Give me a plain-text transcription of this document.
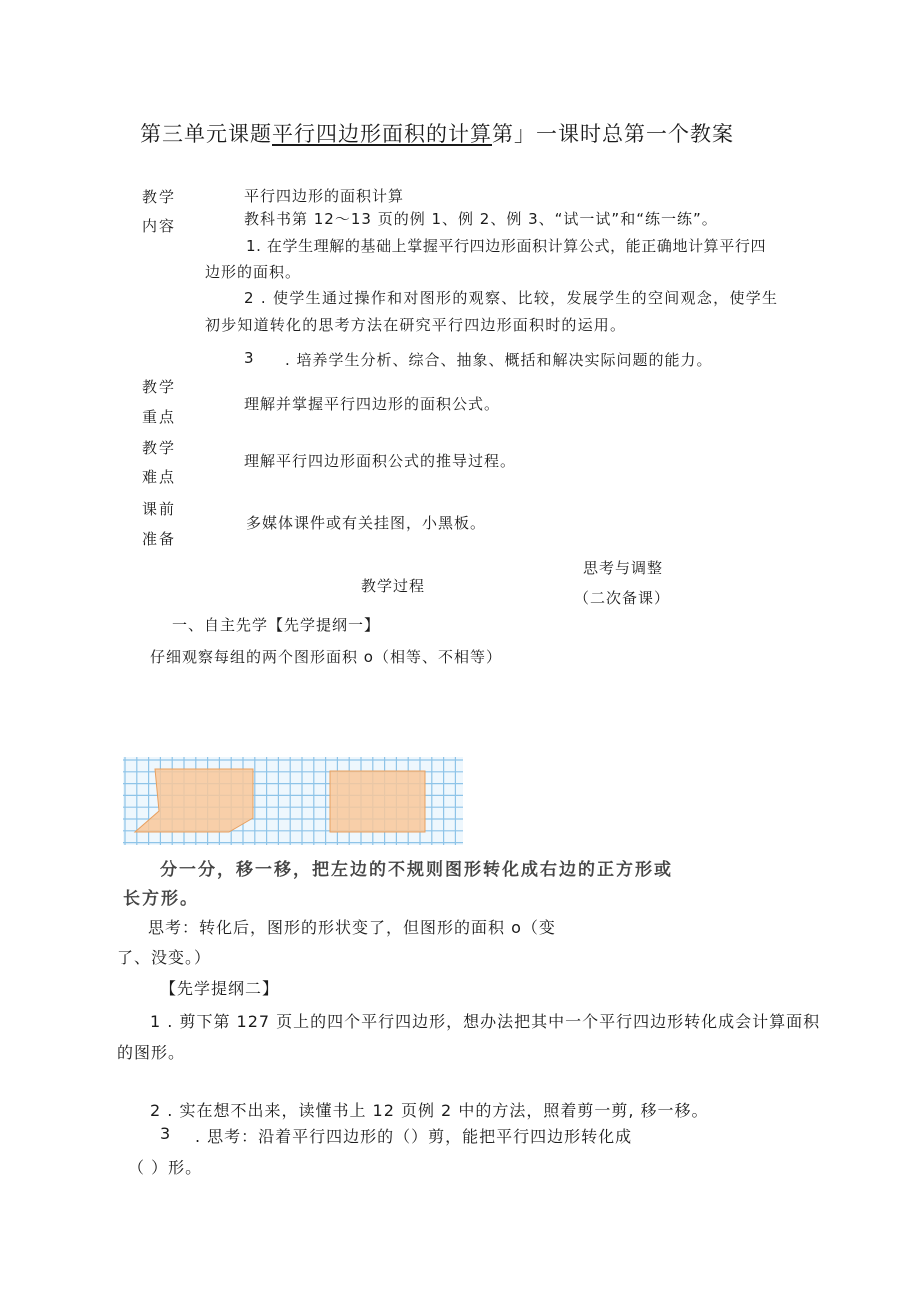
第三单元课题平行四边形面积的计算第」一课时总第一个教案
教学
内容
平行四边形的面积计算
教科书第 12～13 页的例 1、例 2、例 3、“试一试”和“练一练”。
1. 在学生理解的基础上掌握平行四边形面积计算公式，能正确地计算平行四
边形的面积。
2 . 使学生通过操作和对图形的观察、比较，发展学生的空间观念，使学生
初步知道转化的思考方法在研究平行四边形面积时的运用。
3 . 培养学生分析、综合、抽象、概括和解决实际问题的能力。
教学
重点
理解并掌握平行四边形的面积公式。
教学
难点
理解平行四边形面积公式的推导过程。
课前
准备
多媒体课件或有关挂图，小黑板。
教学过程
思考与调整
（二次备课）
一、自主先学【先学提纲一】
仔细观察每组的两个图形面积 o（相等、不相等）
分一分，移一移，把左边的不规则图形转化成右边的正方形或
长方形。
思考：转化后，图形的形状变了，但图形的面积 o（变
了、没变。）
【先学提纲二】
1 . 剪下第 127 页上的四个平行四边形，想办法把其中一个平行四边形转化成会计算面积
的图形。
2 . 实在想不出来，读懂书上 12 页例 2 中的方法，照着剪一剪, 移一移。
3 . 思考：沿着平行四边形的（）剪，能把平行四边形转化成
（ ）形。
